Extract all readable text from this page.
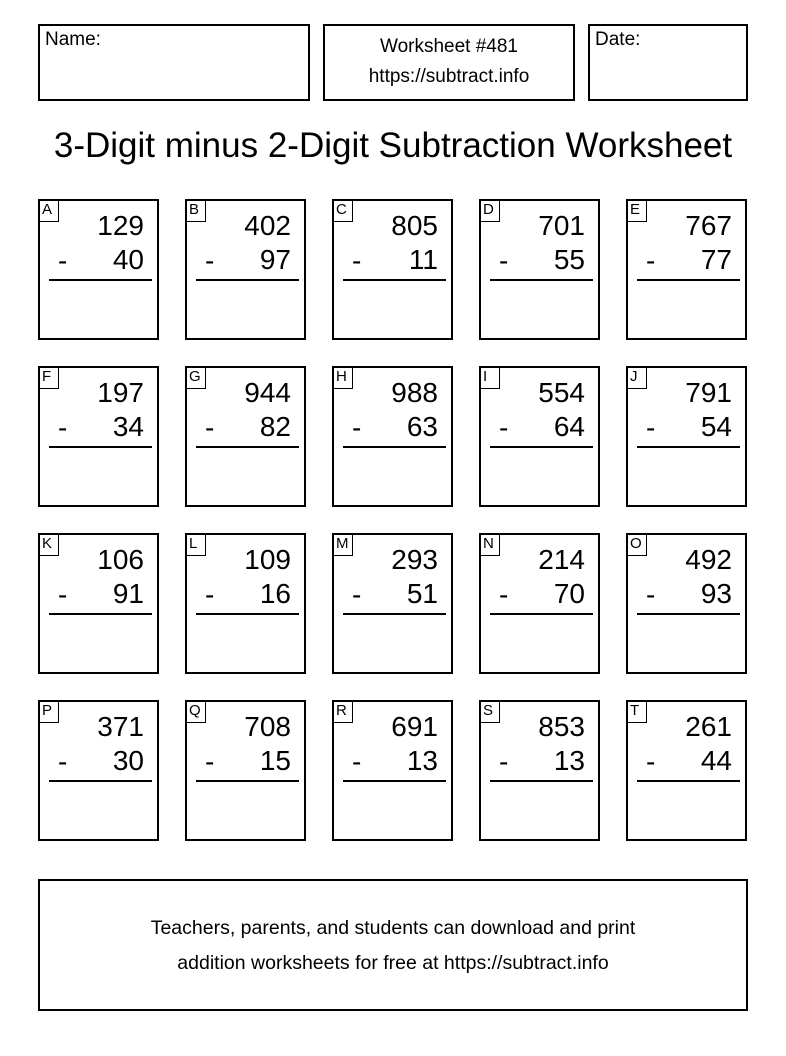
Name:	Worksheet #481
https://subtract.info
Date:
3-Digit minus 2-Digit Subtraction Worksheet
A
129
- 40
B
402
- 97
C
805
- 11
D
701
- 55
E
767
- 77
F
197
- 34
G
944
- 82
H
988
- 63
I
554
- 64
J
791
- 54
K
106
- 91
L
109
- 16
M
293
- 51
N
214
- 70
O
492
- 93
P
371
- 30
Q
708
- 15
R
691
- 13
S
853
- 13
T
261
- 44
Teachers, parents, and students can download and print
addition worksheets for free at https://subtract.info
